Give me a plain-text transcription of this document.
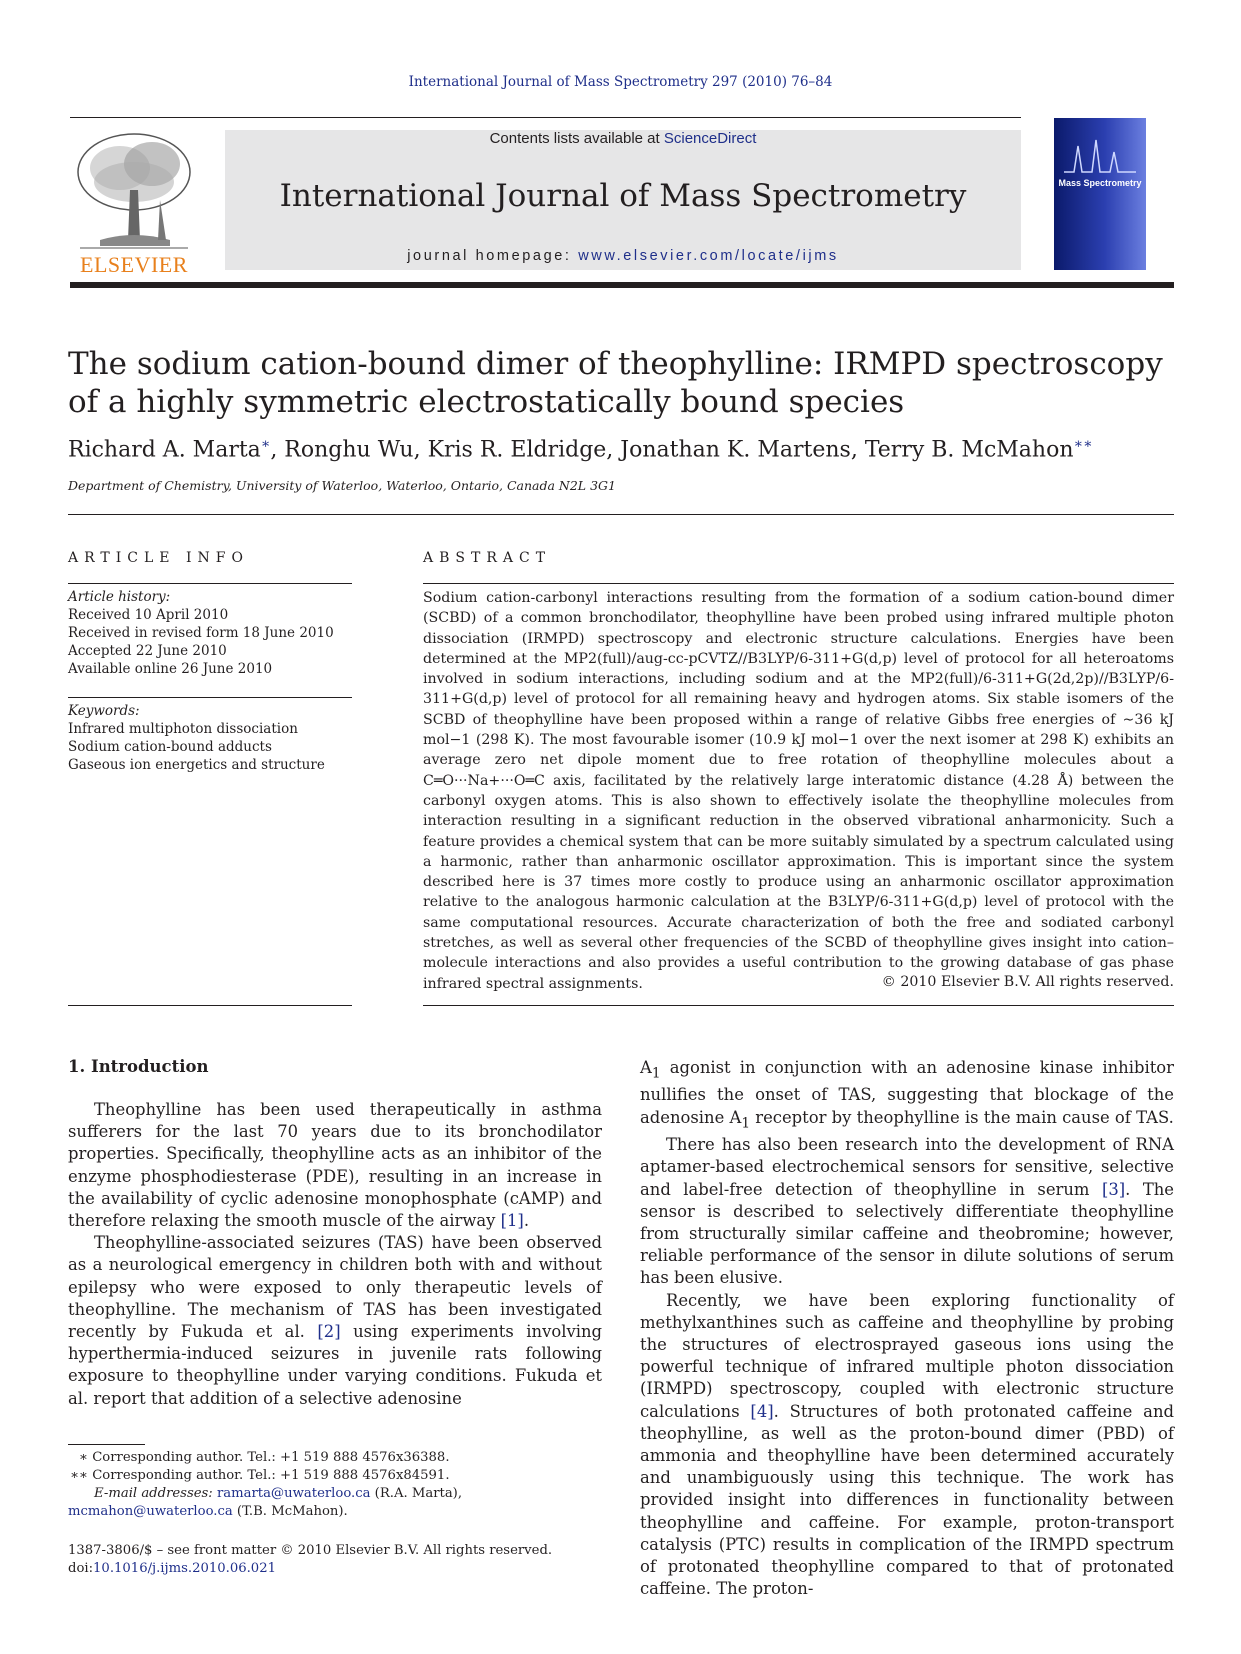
International Journal of Mass Spectrometry 297 (2010) 76–84
ELSEVIER
Contents lists available at ScienceDirect
International Journal of Mass Spectrometry
journal homepage: www.elsevier.com/locate/ijms
Mass Spectrometry
The sodium cation-bound dimer of theophylline: IRMPD spectroscopy of a highly symmetric electrostatically bound species
Richard A. Marta∗, Ronghu Wu, Kris R. Eldridge, Jonathan K. Martens, Terry B. McMahon∗∗
Department of Chemistry, University of Waterloo, Waterloo, Ontario, Canada N2L 3G1
ARTICLE INFO
Article history:
Received 10 April 2010
Received in revised form 18 June 2010
Accepted 22 June 2010
Available online 26 June 2010
Keywords:
Infrared multiphoton dissociation
Sodium cation-bound adducts
Gaseous ion energetics and structure
ABSTRACT
Sodium cation-carbonyl interactions resulting from the formation of a sodium cation-bound dimer (SCBD) of a common bronchodilator, theophylline have been probed using infrared multiple photon dissociation (IRMPD) spectroscopy and electronic structure calculations. Energies have been determined at the MP2(full)/aug-cc-pCVTZ//B3LYP/6-311+G(d,p) level of protocol for all heteroatoms involved in sodium interactions, including sodium and at the MP2(full)/6-311+G(2d,2p)//B3LYP/6-311+G(d,p) level of protocol for all remaining heavy and hydrogen atoms. Six stable isomers of the SCBD of theophylline have been proposed within a range of relative Gibbs free energies of ∼36 kJ mol−1 (298 K). The most favourable isomer (10.9 kJ mol−1 over the next isomer at 298 K) exhibits an average zero net dipole moment due to free rotation of theophylline molecules about a C═O···Na+···O═C axis, facilitated by the relatively large interatomic distance (4.28 Å) between the carbonyl oxygen atoms. This is also shown to effectively isolate the theophylline molecules from interaction resulting in a significant reduction in the observed vibrational anharmonicity. Such a feature provides a chemical system that can be more suitably simulated by a spectrum calculated using a harmonic, rather than anharmonic oscillator approximation. This is important since the system described here is 37 times more costly to produce using an anharmonic oscillator approximation relative to the analogous harmonic calculation at the B3LYP/6-311+G(d,p) level of protocol with the same computational resources. Accurate characterization of both the free and sodiated carbonyl stretches, as well as several other frequencies of the SCBD of theophylline gives insight into cation–molecule interactions and also provides a useful contribution to the growing database of gas phase infrared spectral assignments.	© 2010 Elsevier B.V. All rights reserved.
1. Introduction

Theophylline has been used therapeutically in asthma sufferers for the last 70 years due to its bronchodilator properties. Specifically, theophylline acts as an inhibitor of the enzyme phosphodiesterase (PDE), resulting in an increase in the availability of cyclic adenosine monophosphate (cAMP) and therefore relaxing the smooth muscle of the airway [1].

Theophylline-associated seizures (TAS) have been observed as a neurological emergency in children both with and without epilepsy who were exposed to only therapeutic levels of theophylline. The mechanism of TAS has been investigated recently by Fukuda et al. [2] using experiments involving hyperthermia-induced seizures in juvenile rats following exposure to theophylline under varying conditions. Fukuda et al. report that addition of a selective adenosine

$A_1$ agonist in conjunction with an adenosine kinase inhibitor nullifies the onset of TAS, suggesting that blockage of the adenosine $A_1$ receptor by theophylline is the main cause of TAS.

There has also been research into the development of RNA aptamer-based electrochemical sensors for sensitive, selective and label-free detection of theophylline in serum [3]. The sensor is described to selectively differentiate theophylline from structurally similar caffeine and theobromine; however, reliable performance of the sensor in dilute solutions of serum has been elusive.

Recently, we have been exploring functionality of methylxanthines such as caffeine and theophylline by probing the structures of electrosprayed gaseous ions using the powerful technique of infrared multiple photon dissociation (IRMPD) spectroscopy, coupled with electronic structure calculations [4]. Structures of both protonated caffeine and theophylline, as well as the proton-bound dimer (PBD) of ammonia and theophylline have been determined accurately and unambiguously using this technique. The work has provided insight into differences in functionality between theophylline and caffeine. For example, proton-transport catalysis (PTC) results in complication of the IRMPD spectrum of protonated theophylline compared to that of protonated caffeine. The proton-

∗ Corresponding author. Tel.: +1 519 888 4576x36388.
∗∗ Corresponding author. Tel.: +1 519 888 4576x84591.
E-mail addresses: ramarta@uwaterloo.ca (R.A. Marta),
mcmahon@uwaterloo.ca (T.B. McMahon).
1387-3806/$ – see front matter © 2010 Elsevier B.V. All rights reserved.
doi:10.1016/j.ijms.2010.06.021
